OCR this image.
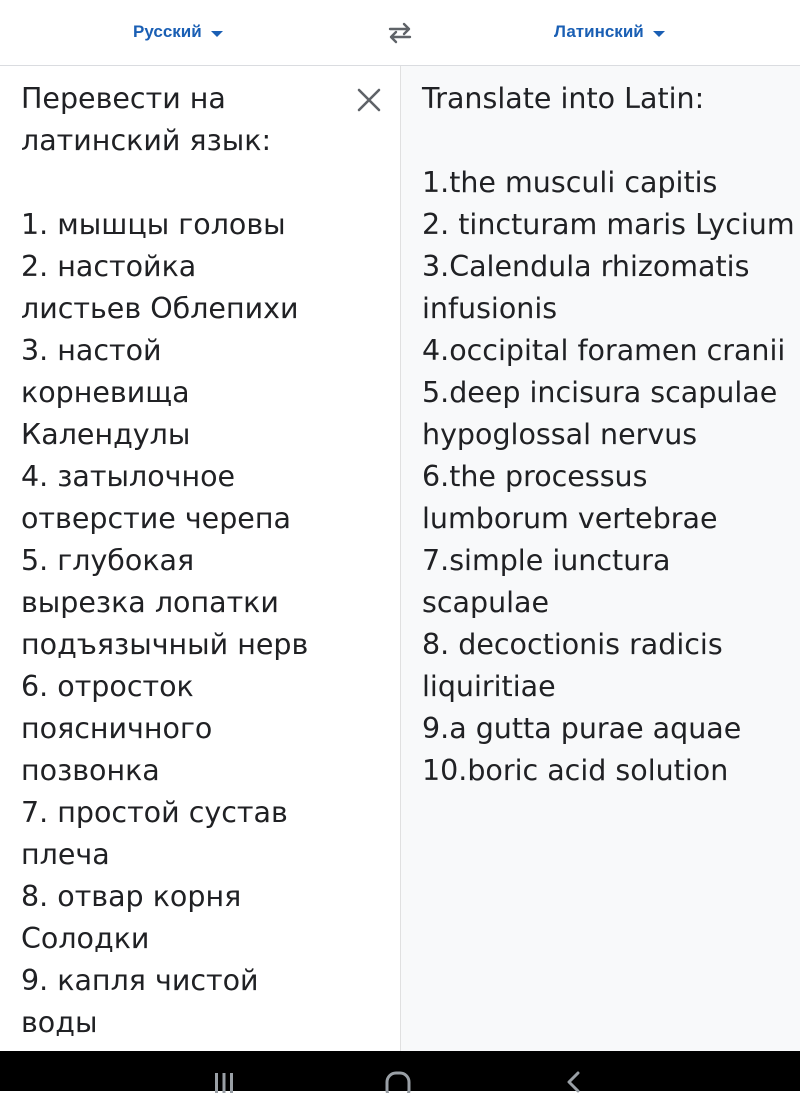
Русский	Латинский

Перевести на латинский язык:

1. мышцы головы
2. настойка листьев Облепихи
3. настой корневища Календулы
4. затылочное отверстие черепа
5. глубокая вырезка лопатки подъязычный нерв
6. отросток поясничного позвонка
7. простой сустав плеча
8. отвар корня Солодки
9. капля чистой воды

Translate into Latin:

1.the musculi capitis
2. tincturam maris Lycium
3.Calendula rhizomatis infusionis
4.occipital foramen cranii
5.deep incisura scapulae hypoglossal nervus
6.the processus lumborum vertebrae
7.simple iunctura scapulae
8. decoctionis radicis liquiritiae
9.a gutta purae aquae
10.boric acid solution
